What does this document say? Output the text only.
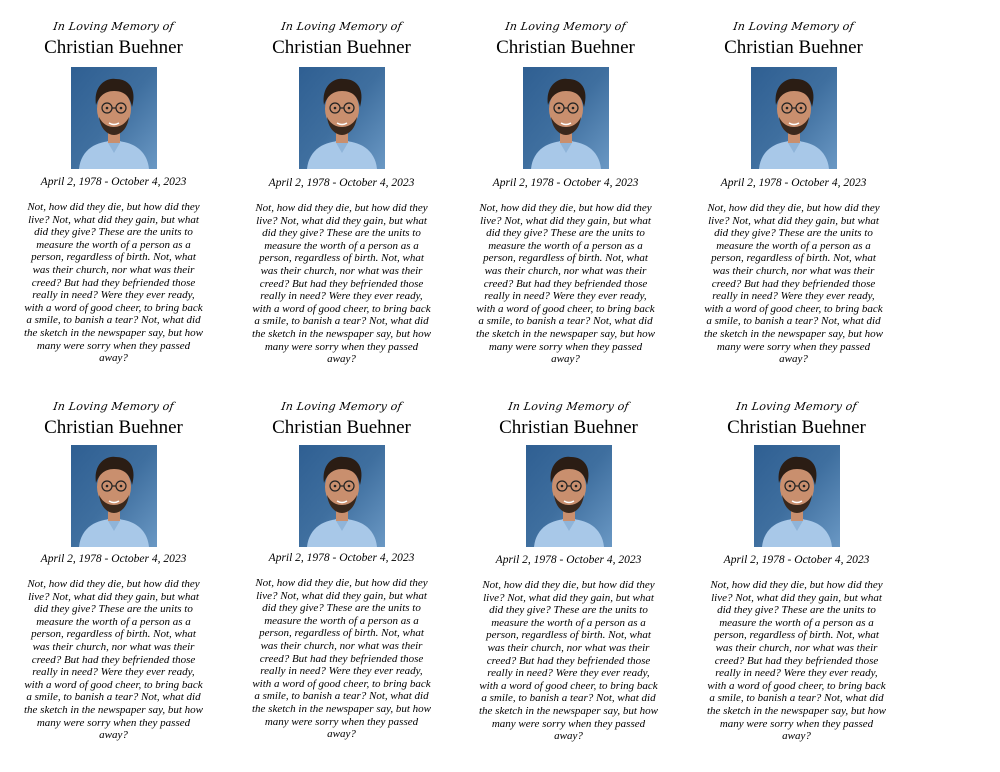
In Loving Memory of
Christian Buehner
April 2, 1978 - October 4, 2023
Not, how did they die, but how did they live? Not, what did they gain, but what did they give? These are the units to measure the worth of a person as a person, regardless of birth. Not, what was their church, nor what was their creed? But had they befriended those really in need? Were they ever ready, with a word of good cheer, to bring back a smile, to banish a tear? Not, what did the sketch in the newspaper say, but how many were sorry when they passed away?
In Loving Memory of
Christian Buehner
April 2, 1978 - October 4, 2023
Not, how did they die, but how did they live? Not, what did they gain, but what did they give? These are the units to measure the worth of a person as a person, regardless of birth. Not, what was their church, nor what was their creed? But had they befriended those really in need? Were they ever ready, with a word of good cheer, to bring back a smile, to banish a tear? Not, what did the sketch in the newspaper say, but how many were sorry when they passed away?
In Loving Memory of
Christian Buehner
April 2, 1978 - October 4, 2023
Not, how did they die, but how did they live? Not, what did they gain, but what did they give? These are the units to measure the worth of a person as a person, regardless of birth. Not, what was their church, nor what was their creed? But had they befriended those really in need? Were they ever ready, with a word of good cheer, to bring back a smile, to banish a tear? Not, what did the sketch in the newspaper say, but how many were sorry when they passed away?
In Loving Memory of
Christian Buehner
April 2, 1978 - October 4, 2023
Not, how did they die, but how did they live? Not, what did they gain, but what did they give? These are the units to measure the worth of a person as a person, regardless of birth. Not, what was their church, nor what was their creed? But had they befriended those really in need? Were they ever ready, with a word of good cheer, to bring back a smile, to banish a tear? Not, what did the sketch in the newspaper say, but how many were sorry when they passed away?
In Loving Memory of
Christian Buehner
April 2, 1978 - October 4, 2023
Not, how did they die, but how did they live? Not, what did they gain, but what did they give? These are the units to measure the worth of a person as a person, regardless of birth. Not, what was their church, nor what was their creed? But had they befriended those really in need? Were they ever ready, with a word of good cheer, to bring back a smile, to banish a tear? Not, what did the sketch in the newspaper say, but how many were sorry when they passed away?
In Loving Memory of
Christian Buehner
April 2, 1978 - October 4, 2023
Not, how did they die, but how did they live? Not, what did they gain, but what did they give? These are the units to measure the worth of a person as a person, regardless of birth. Not, what was their church, nor what was their creed? But had they befriended those really in need? Were they ever ready, with a word of good cheer, to bring back a smile, to banish a tear? Not, what did the sketch in the newspaper say, but how many were sorry when they passed away?
In Loving Memory of
Christian Buehner
April 2, 1978 - October 4, 2023
Not, how did they die, but how did they live? Not, what did they gain, but what did they give? These are the units to measure the worth of a person as a person, regardless of birth. Not, what was their church, nor what was their creed? But had they befriended those really in need? Were they ever ready, with a word of good cheer, to bring back a smile, to banish a tear? Not, what did the sketch in the newspaper say, but how many were sorry when they passed away?
In Loving Memory of
Christian Buehner
April 2, 1978 - October 4, 2023
Not, how did they die, but how did they live? Not, what did they gain, but what did they give? These are the units to measure the worth of a person as a person, regardless of birth. Not, what was their church, nor what was their creed? But had they befriended those really in need? Were they ever ready, with a word of good cheer, to bring back a smile, to banish a tear? Not, what did the sketch in the newspaper say, but how many were sorry when they passed away?
